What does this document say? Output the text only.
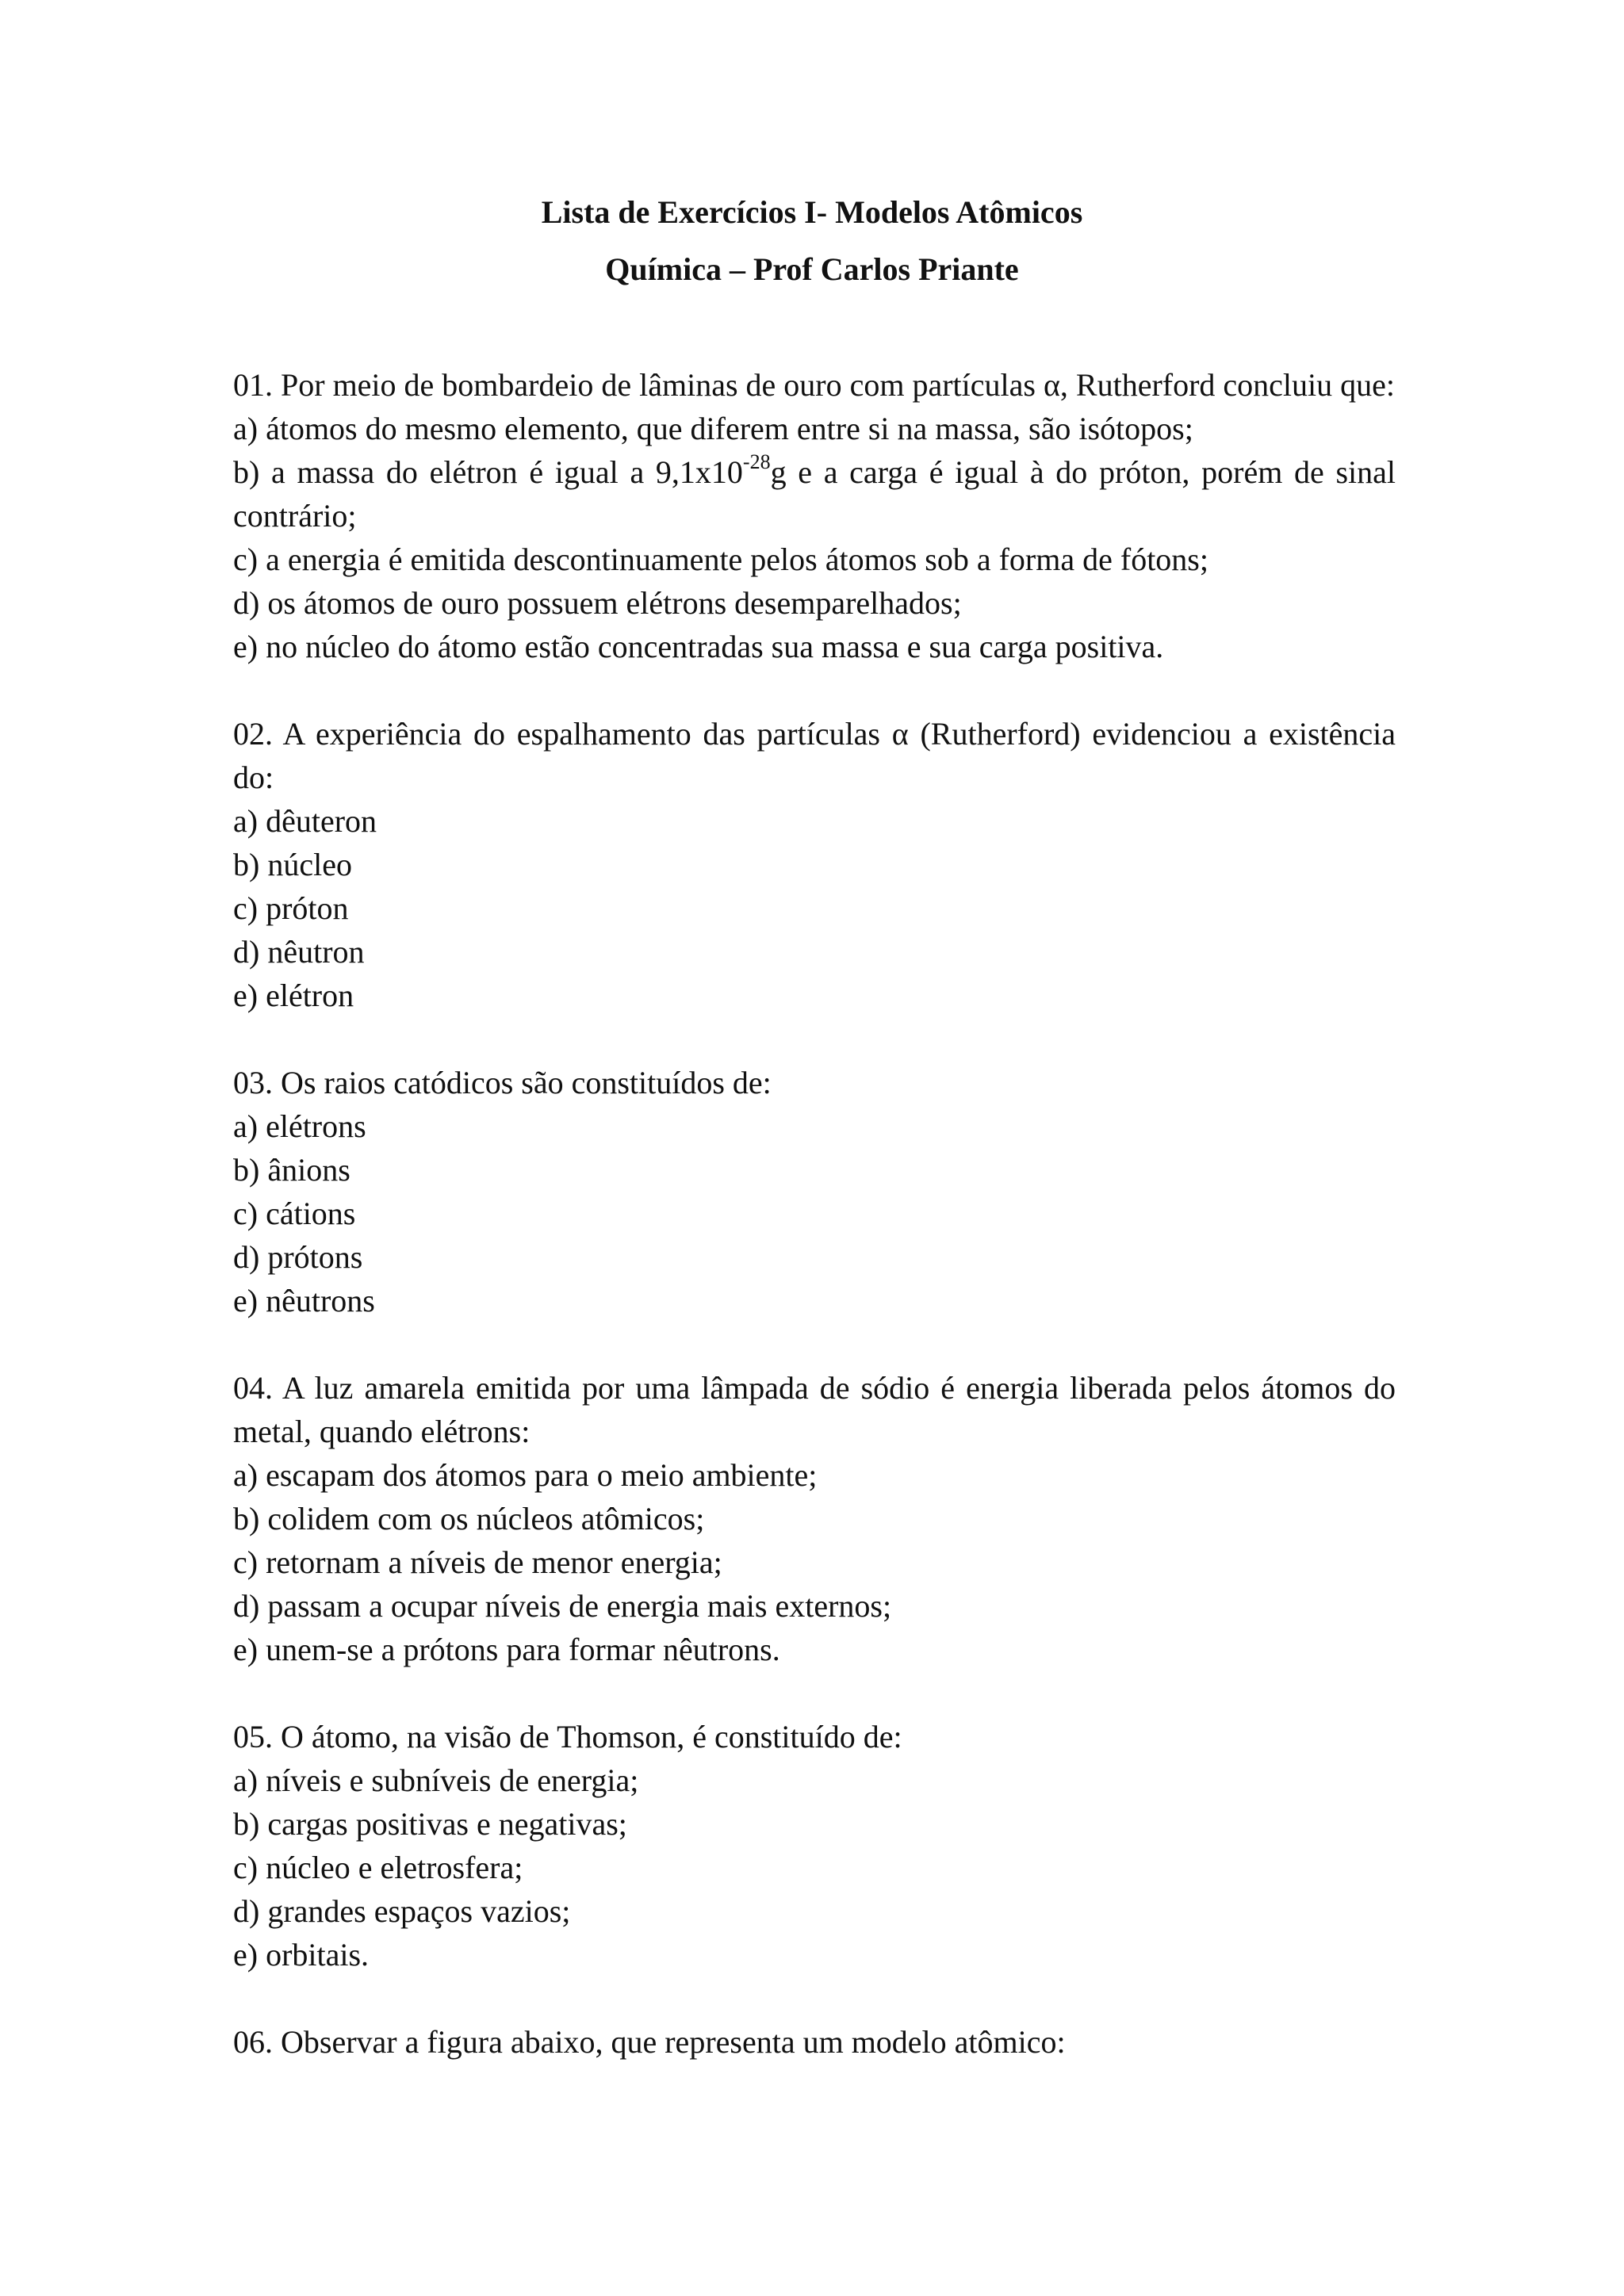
Lista de Exercícios I- Modelos Atômicos
Química – Prof Carlos Priante

01. Por meio de bombardeio de lâminas de ouro com partículas α, Rutherford concluiu que:

a) átomos do mesmo elemento, que diferem entre si na massa, são isótopos;

b) a massa do elétron é igual a $9,1x10^{-28}g$ e a carga é igual à do próton, porém de sinal contrário;

c) a energia é emitida descontinuamente pelos átomos sob a forma de fótons;

d) os átomos de ouro possuem elétrons desemparelhados;

e) no núcleo do átomo estão concentradas sua massa e sua carga positiva.

02. A experiência do espalhamento das partículas α (Rutherford) evidenciou a existência do:

a) dêuteron

b) núcleo

c) próton

d) nêutron

e) elétron

03. Os raios catódicos são constituídos de:

a) elétrons

b) ânions

c) cátions

d) prótons

e) nêutrons

04. A luz amarela emitida por uma lâmpada de sódio é energia liberada pelos átomos do metal, quando elétrons:

a) escapam dos átomos para o meio ambiente;

b) colidem com os núcleos atômicos;

c) retornam a níveis de menor energia;

d) passam a ocupar níveis de energia mais externos;

e) unem-se a prótons para formar nêutrons.

05. O átomo, na visão de Thomson, é constituído de:

a) níveis e subníveis de energia;

b) cargas positivas e negativas;

c) núcleo e eletrosfera;

d) grandes espaços vazios;

e) orbitais.

06. Observar a figura abaixo, que representa um modelo atômico:
